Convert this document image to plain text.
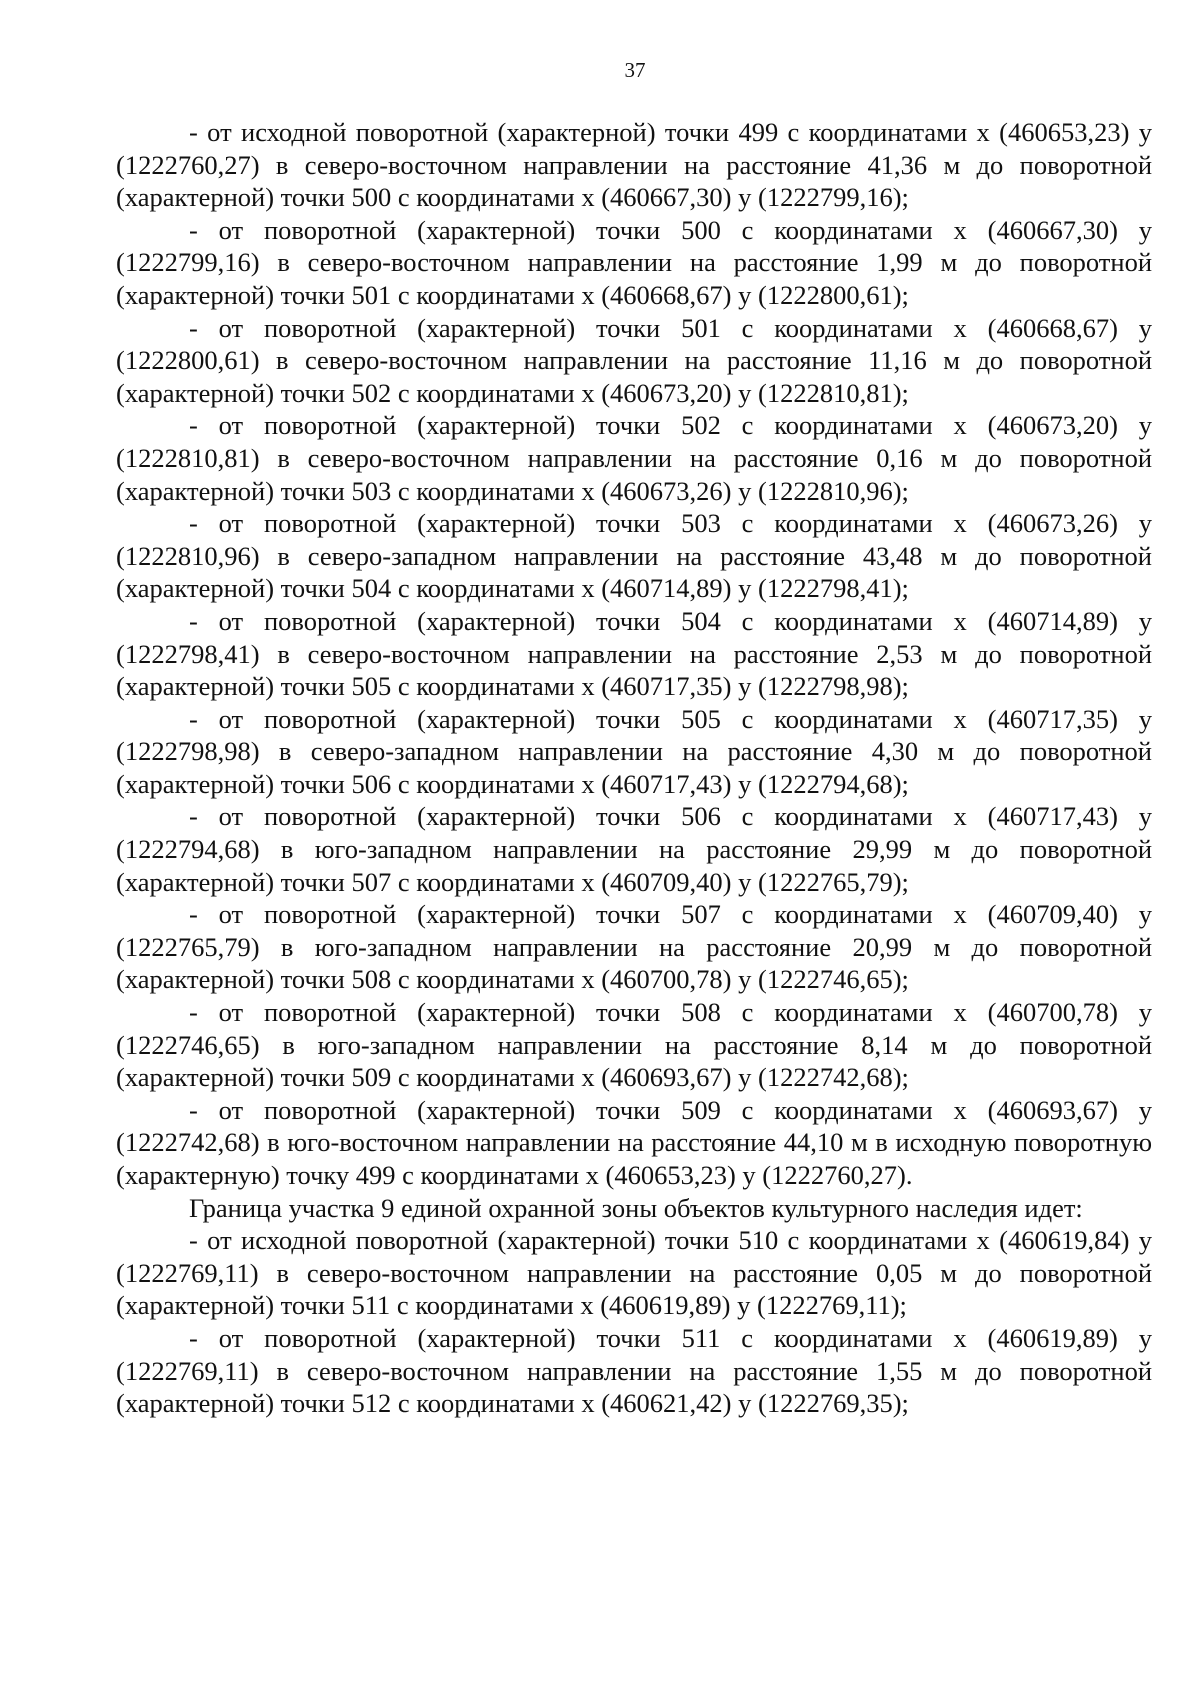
37

- от исходной поворотной (характерной) точки 499 с координатами x (460653,23) y (1222760,27) в северо-восточном направлении на расстояние 41,36 м до поворотной (характерной) точки 500 с координатами x (460667,30) y (1222799,16);

- от поворотной (характерной) точки 500 с координатами x (460667,30) y (1222799,16) в северо-восточном направлении на расстояние 1,99 м до поворотной (характерной) точки 501 с координатами x (460668,67) y (1222800,61);

- от поворотной (характерной) точки 501 с координатами x (460668,67) y (1222800,61) в северо-восточном направлении на расстояние 11,16 м до поворотной (характерной) точки 502 с координатами x (460673,20) y (1222810,81);

- от поворотной (характерной) точки 502 с координатами x (460673,20) y (1222810,81) в северо-восточном направлении на расстояние 0,16 м до поворотной (характерной) точки 503 с координатами x (460673,26) y (1222810,96);

- от поворотной (характерной) точки 503 с координатами x (460673,26) y (1222810,96) в северо-западном направлении на расстояние 43,48 м до поворотной (характерной) точки 504 с координатами x (460714,89) y (1222798,41);

- от поворотной (характерной) точки 504 с координатами x (460714,89) y (1222798,41) в северо-восточном направлении на расстояние 2,53 м до поворотной (характерной) точки 505 с координатами x (460717,35) y (1222798,98);

- от поворотной (характерной) точки 505 с координатами x (460717,35) y (1222798,98) в северо-западном направлении на расстояние 4,30 м до поворотной (характерной) точки 506 с координатами x (460717,43) y (1222794,68);

- от поворотной (характерной) точки 506 с координатами x (460717,43) y (1222794,68) в юго-западном направлении на расстояние 29,99 м до поворотной (характерной) точки 507 с координатами x (460709,40) y (1222765,79);

- от поворотной (характерной) точки 507 с координатами x (460709,40) y (1222765,79) в юго-западном направлении на расстояние 20,99 м до поворотной (характерной) точки 508 с координатами x (460700,78) y (1222746,65);

- от поворотной (характерной) точки 508 с координатами x (460700,78) y (1222746,65) в юго-западном направлении на расстояние 8,14 м до поворотной (характерной) точки 509 с координатами x (460693,67) y (1222742,68);

- от поворотной (характерной) точки 509 с координатами x (460693,67) y (1222742,68) в юго-восточном направлении на расстояние 44,10 м в исходную поворотную (характерную) точку 499 с координатами x (460653,23) y (1222760,27).

Граница участка 9 единой охранной зоны объектов культурного наследия идет:

- от исходной поворотной (характерной) точки 510 с координатами x (460619,84) y (1222769,11) в северо-восточном направлении на расстояние 0,05 м до поворотной (характерной) точки 511 с координатами x (460619,89) y (1222769,11);

- от поворотной (характерной) точки 511 с координатами x (460619,89) y (1222769,11) в северо-восточном направлении на расстояние 1,55 м до поворотной (характерной) точки 512 с координатами x (460621,42) y (1222769,35);
